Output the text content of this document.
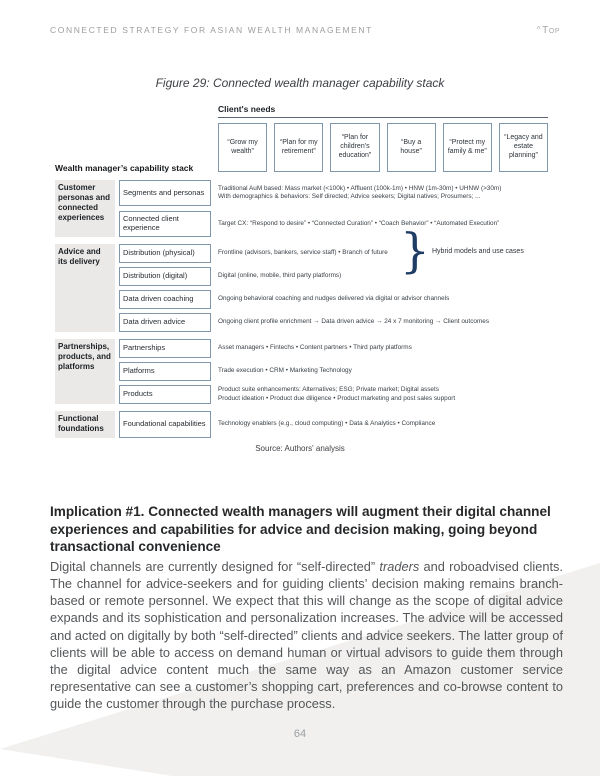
CONNECTED STRATEGY FOR ASIAN WEALTH MANAGEMENT	^Top
Figure 29: Connected wealth manager capability stack
Client's needs
“Grow my wealth”
“Plan for my retirement”
“Plan for children’s education”
“Buy a house”
“Protect my family & me”
“Legacy and estate planning”
Wealth manager’s capability stack
Customer personas and connected experiences
Segments and personas	Traditional AuM based: Mass market (<100k) • Affluent (100k-1m) • HNW (1m-30m) • UHNW (>30m)
With demographics & behaviors: Self directed; Advice seekers; Digital natives; Prosumers; ...
Connected client experience	Target CX: “Respond to desire” • “Connected Curation” • “Coach Behavior” • “Automated Execution”
Advice and its delivery
Distribution (physical)	Frontline (advisors, bankers, service staff) • Branch of future
Distribution (digital)	Digital (online, mobile, third party platforms)
Data driven coaching	Ongoing behavioral coaching and nudges delivered via digital or advisor channels
Data driven advice	Ongoing client profile enrichment → Data driven advice → 24 x 7 monitoring → Client outcomes
Partnerships, products, and platforms
Partnerships	Asset managers • Fintechs • Content partners • Third party platforms
Platforms	Trade execution • CRM • Marketing Technology
Products	Product suite enhancements: Alternatives; ESG; Private market; Digital assets
Product ideation • Product due diligence • Product marketing and post sales support
Functional foundations
Foundational capabilities	Technology enablers (e.g., cloud computing) • Data & Analytics • Compliance
} Hybrid models and use cases
Source: Authors' analysis
Implication #1. Connected wealth managers will augment their digital channel experiences and capabilities for advice and decision making, going beyond transactional convenience
Digital channels are currently designed for “self-directed” traders and roboadvised clients. The channel for advice-seekers and for guiding clients’ decision making remains branch-based or remote personnel. We expect that this will change as the scope of digital advice expands and its sophistication and personalization increases. The advice will be accessed and acted on digitally by both “self-directed” clients and advice seekers. The latter group of clients will be able to access on demand human or virtual advisors to guide them through the digital advice content much the same way as an Amazon customer service representative can see a customer’s shopping cart, preferences and co-browse content to guide the customer through the purchase process.
64
